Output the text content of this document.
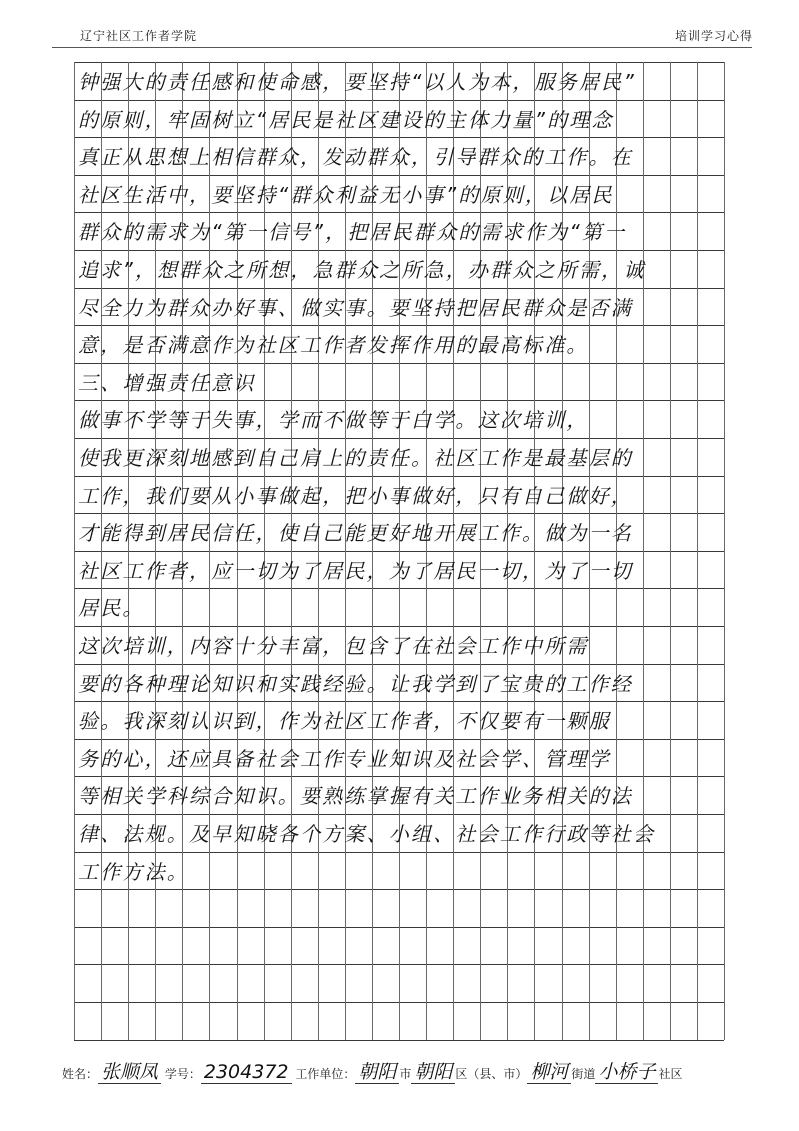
辽宁社区工作者学院	培训学习心得
钟强大的责任感和使命感，要坚持“以人为本，服务居民”
的原则，牢固树立“居民是社区建设的主体力量”的理念
真正从思想上相信群众，发动群众，引导群众的工作。在
社区生活中，要坚持“群众利益无小事”的原则，以居民
群众的需求为“第一信号”，把居民群众的需求作为“第一
追求”，想群众之所想，急群众之所急，办群众之所需，诚
尽全力为群众办好事、做实事。要坚持把居民群众是否满
意，是否满意作为社区工作者发挥作用的最高标准。
三、增强责任意识
做事不学等于失事，学而不做等于白学。这次培训，
使我更深刻地感到自己肩上的责任。社区工作是最基层的
工作，我们要从小事做起，把小事做好，只有自己做好，
才能得到居民信任，使自己能更好地开展工作。做为一名
社区工作者，应一切为了居民，为了居民一切，为了一切
居民。
这次培训，内容十分丰富，包含了在社会工作中所需
要的各种理论知识和实践经验。让我学到了宝贵的工作经
验。我深刻认识到，作为社区工作者，不仅要有一颗服
务的心，还应具备社会工作专业知识及社会学、管理学
等相关学科综合知识。要熟练掌握有关工作业务相关的法
律、法规。及早知晓各个方案、小组、社会工作行政等社会
工作方法。
姓名： 张顺凤 学号： 2304372 工作单位： 朝阳 市 朝阳 区（县、市） 柳河 街道 小桥子 社区
